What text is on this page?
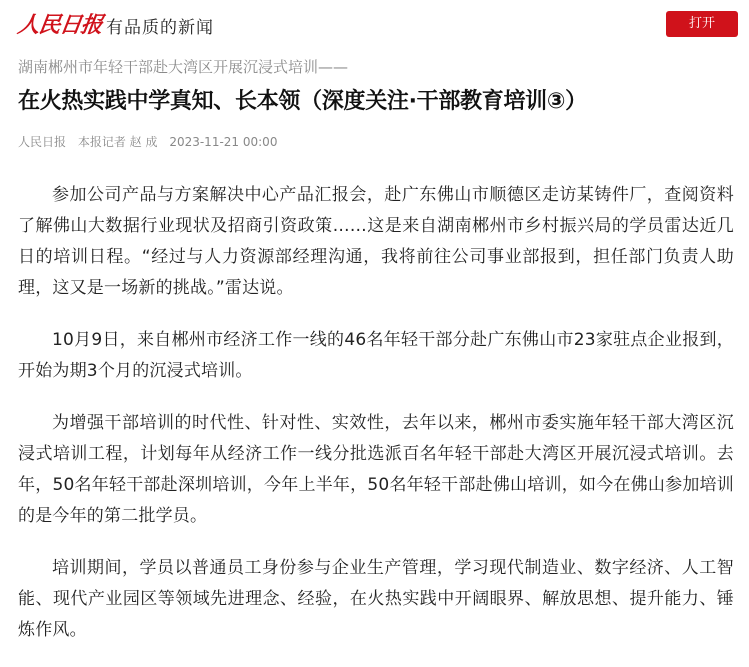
人民日报 有品质的新闻	打开
湖南郴州市年轻干部赴大湾区开展沉浸式培训——
在火热实践中学真知、长本领（深度关注·干部教育培训③）
人民日报 本报记者 赵 成 2023-11-21 00:00

参加公司产品与方案解决中心产品汇报会，赴广东佛山市顺德区走访某铸件厂，查阅资料了解佛山大数据行业现状及招商引资政策……这是来自湖南郴州市乡村振兴局的学员雷达近几日的培训日程。“经过与人力资源部经理沟通，我将前往公司事业部报到，担任部门负责人助理，这又是一场新的挑战。”雷达说。

10月9日，来自郴州市经济工作一线的46名年轻干部分赴广东佛山市23家驻点企业报到，开始为期3个月的沉浸式培训。

为增强干部培训的时代性、针对性、实效性，去年以来，郴州市委实施年轻干部大湾区沉浸式培训工程，计划每年从经济工作一线分批选派百名年轻干部赴大湾区开展沉浸式培训。去年，50名年轻干部赴深圳培训，今年上半年，50名年轻干部赴佛山培训，如今在佛山参加培训的是今年的第二批学员。

培训期间，学员以普通员工身份参与企业生产管理，学习现代制造业、数字经济、人工智能、现代产业园区等领域先进理念、经验，在火热实践中开阔眼界、解放思想、提升能力、锤炼作风。
